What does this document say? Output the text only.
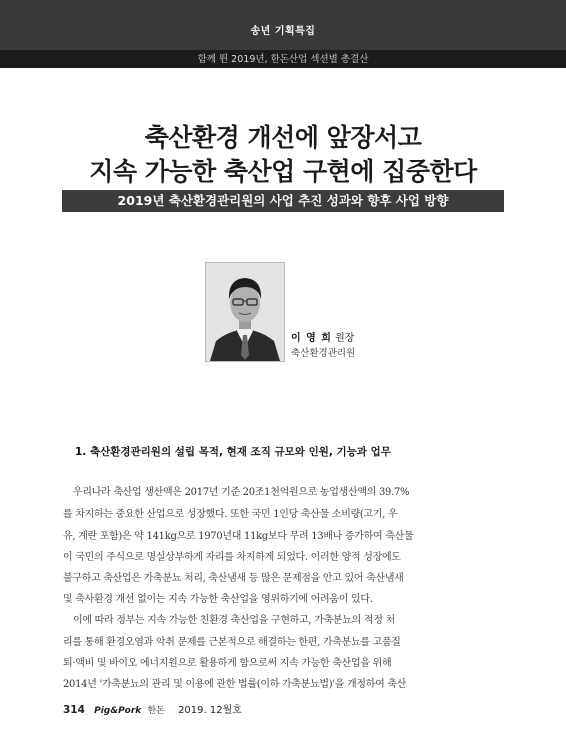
송년 기획특집
함께 뛴 2019년, 한돈산업 섹션별 총결산
축산환경 개선에 앞장서고
지속 가능한 축산업 구현에 집중한다
2019년 축산환경관리원의 사업 추진 성과와 향후 사업 방향
이 영 희 원장
축산환경관리원
1. 축산환경관리원의 설립 목적, 현재 조직 규모와 인원, 기능과 업무
우리나라 축산업 생산액은 2017년 기준 20조1천억원으로 농업생산액의 39.7%
를 차지하는 중요한 산업으로 성장했다. 또한 국민 1인당 축산물 소비량(고기, 우
유, 계란 포함)은 약 141kg으로 1970년대 11kg보다 무려 13배나 증가하여 축산물
이 국민의 주식으로 명실상부하게 자리를 차지하게 되었다. 이러한 양적 성장에도
불구하고 축산업은 가축분뇨 처리, 축산냄새 등 많은 문제점을 안고 있어 축산냄새
및 축사환경 개선 없이는 지속 가능한 축산업을 영위하기에 어려움이 있다.
이에 따라 정부는 지속 가능한 친환경 축산업을 구현하고, 가축분뇨의 적정 처
리를 통해 환경오염과 악취 문제를 근본적으로 해결하는 한편, 가축분뇨를 고품질
퇴·액비 및 바이오 에너지원으로 활용하게 함으로써 지속 가능한 축산업을 위해
2014년 '가축분뇨의 관리 및 이용에 관한 법률(이하 가축분뇨법)'을 개정하여 축산
314 Pig&Pork 한돈 2019. 12월호
